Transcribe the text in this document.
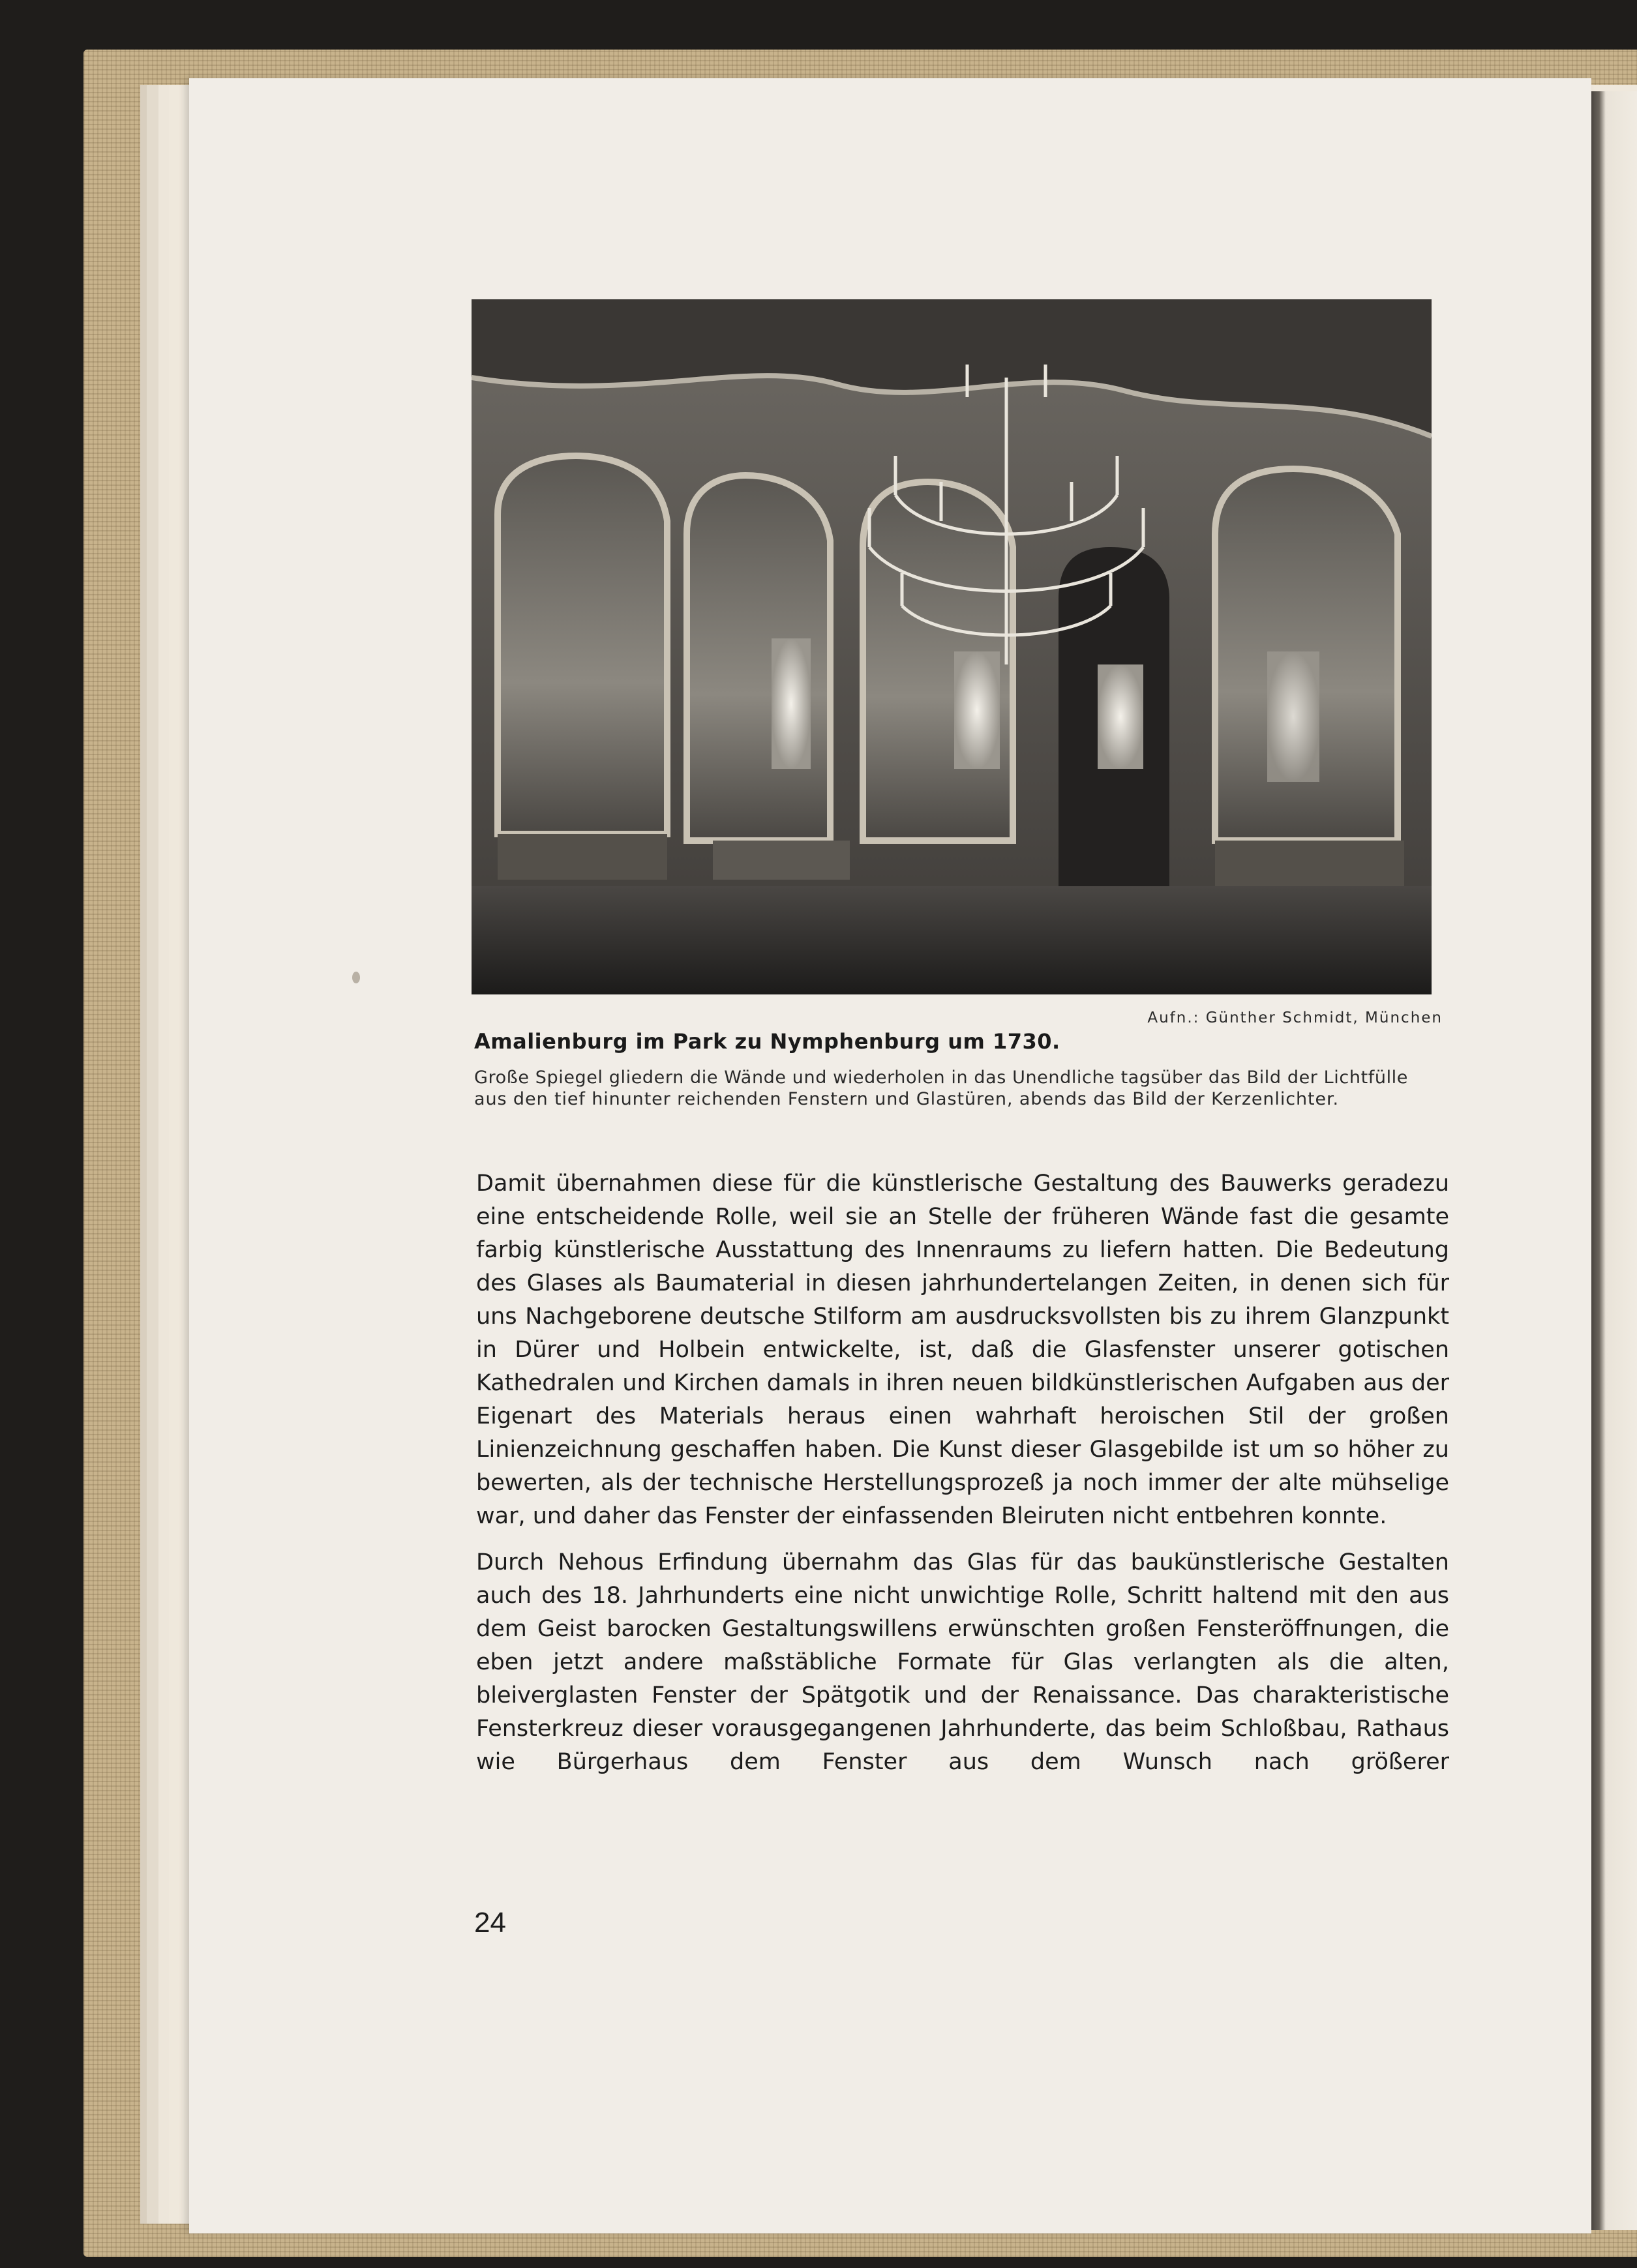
Aufn.: Günther Schmidt, München
Amalienburg im Park zu Nymphenburg um 1730.
Große Spiegel gliedern die Wände und wiederholen in das Unendliche tagsüber das Bild der Lichtfülle
aus den tief hinunter reichenden Fenstern und Glastüren, abends das Bild der Kerzenlichter.

Damit übernahmen diese für die künstlerische Gestaltung des Bauwerks geradezu eine entscheidende Rolle, weil sie an Stelle der früheren Wände fast die gesamte farbig künstlerische Ausstattung des Innenraums zu liefern hatten. Die Bedeutung des Glases als Baumaterial in diesen jahrhundertelangen Zeiten, in denen sich für uns Nachgeborene deutsche Stilform am ausdrucksvollsten bis zu ihrem Glanzpunkt in Dürer und Holbein entwickelte, ist, daß die Glasfenster unserer gotischen Kathedralen und Kirchen damals in ihren neuen bildkünstlerischen Aufgaben aus der Eigenart des Materials heraus einen wahrhaft heroischen Stil der großen Linienzeichnung geschaffen haben. Die Kunst dieser Glasgebilde ist um so höher zu bewerten, als der technische Herstellungsprozeß ja noch immer der alte mühselige war, und daher das Fenster der einfassenden Bleiruten nicht entbehren konnte.

Durch Nehous Erfindung übernahm das Glas für das baukünstlerische Gestalten auch des 18. Jahrhunderts eine nicht unwichtige Rolle, Schritt haltend mit den aus dem Geist barocken Gestaltungswillens erwünschten großen Fensteröffnungen, die eben jetzt andere maßstäbliche Formate für Glas verlangten als die alten, bleiverglasten Fenster der Spätgotik und der Renaissance. Das charakteristische Fensterkreuz dieser vorausgegangenen Jahrhunderte, das beim Schloßbau, Rathaus wie Bürgerhaus dem Fenster aus dem Wunsch nach größerer

24
